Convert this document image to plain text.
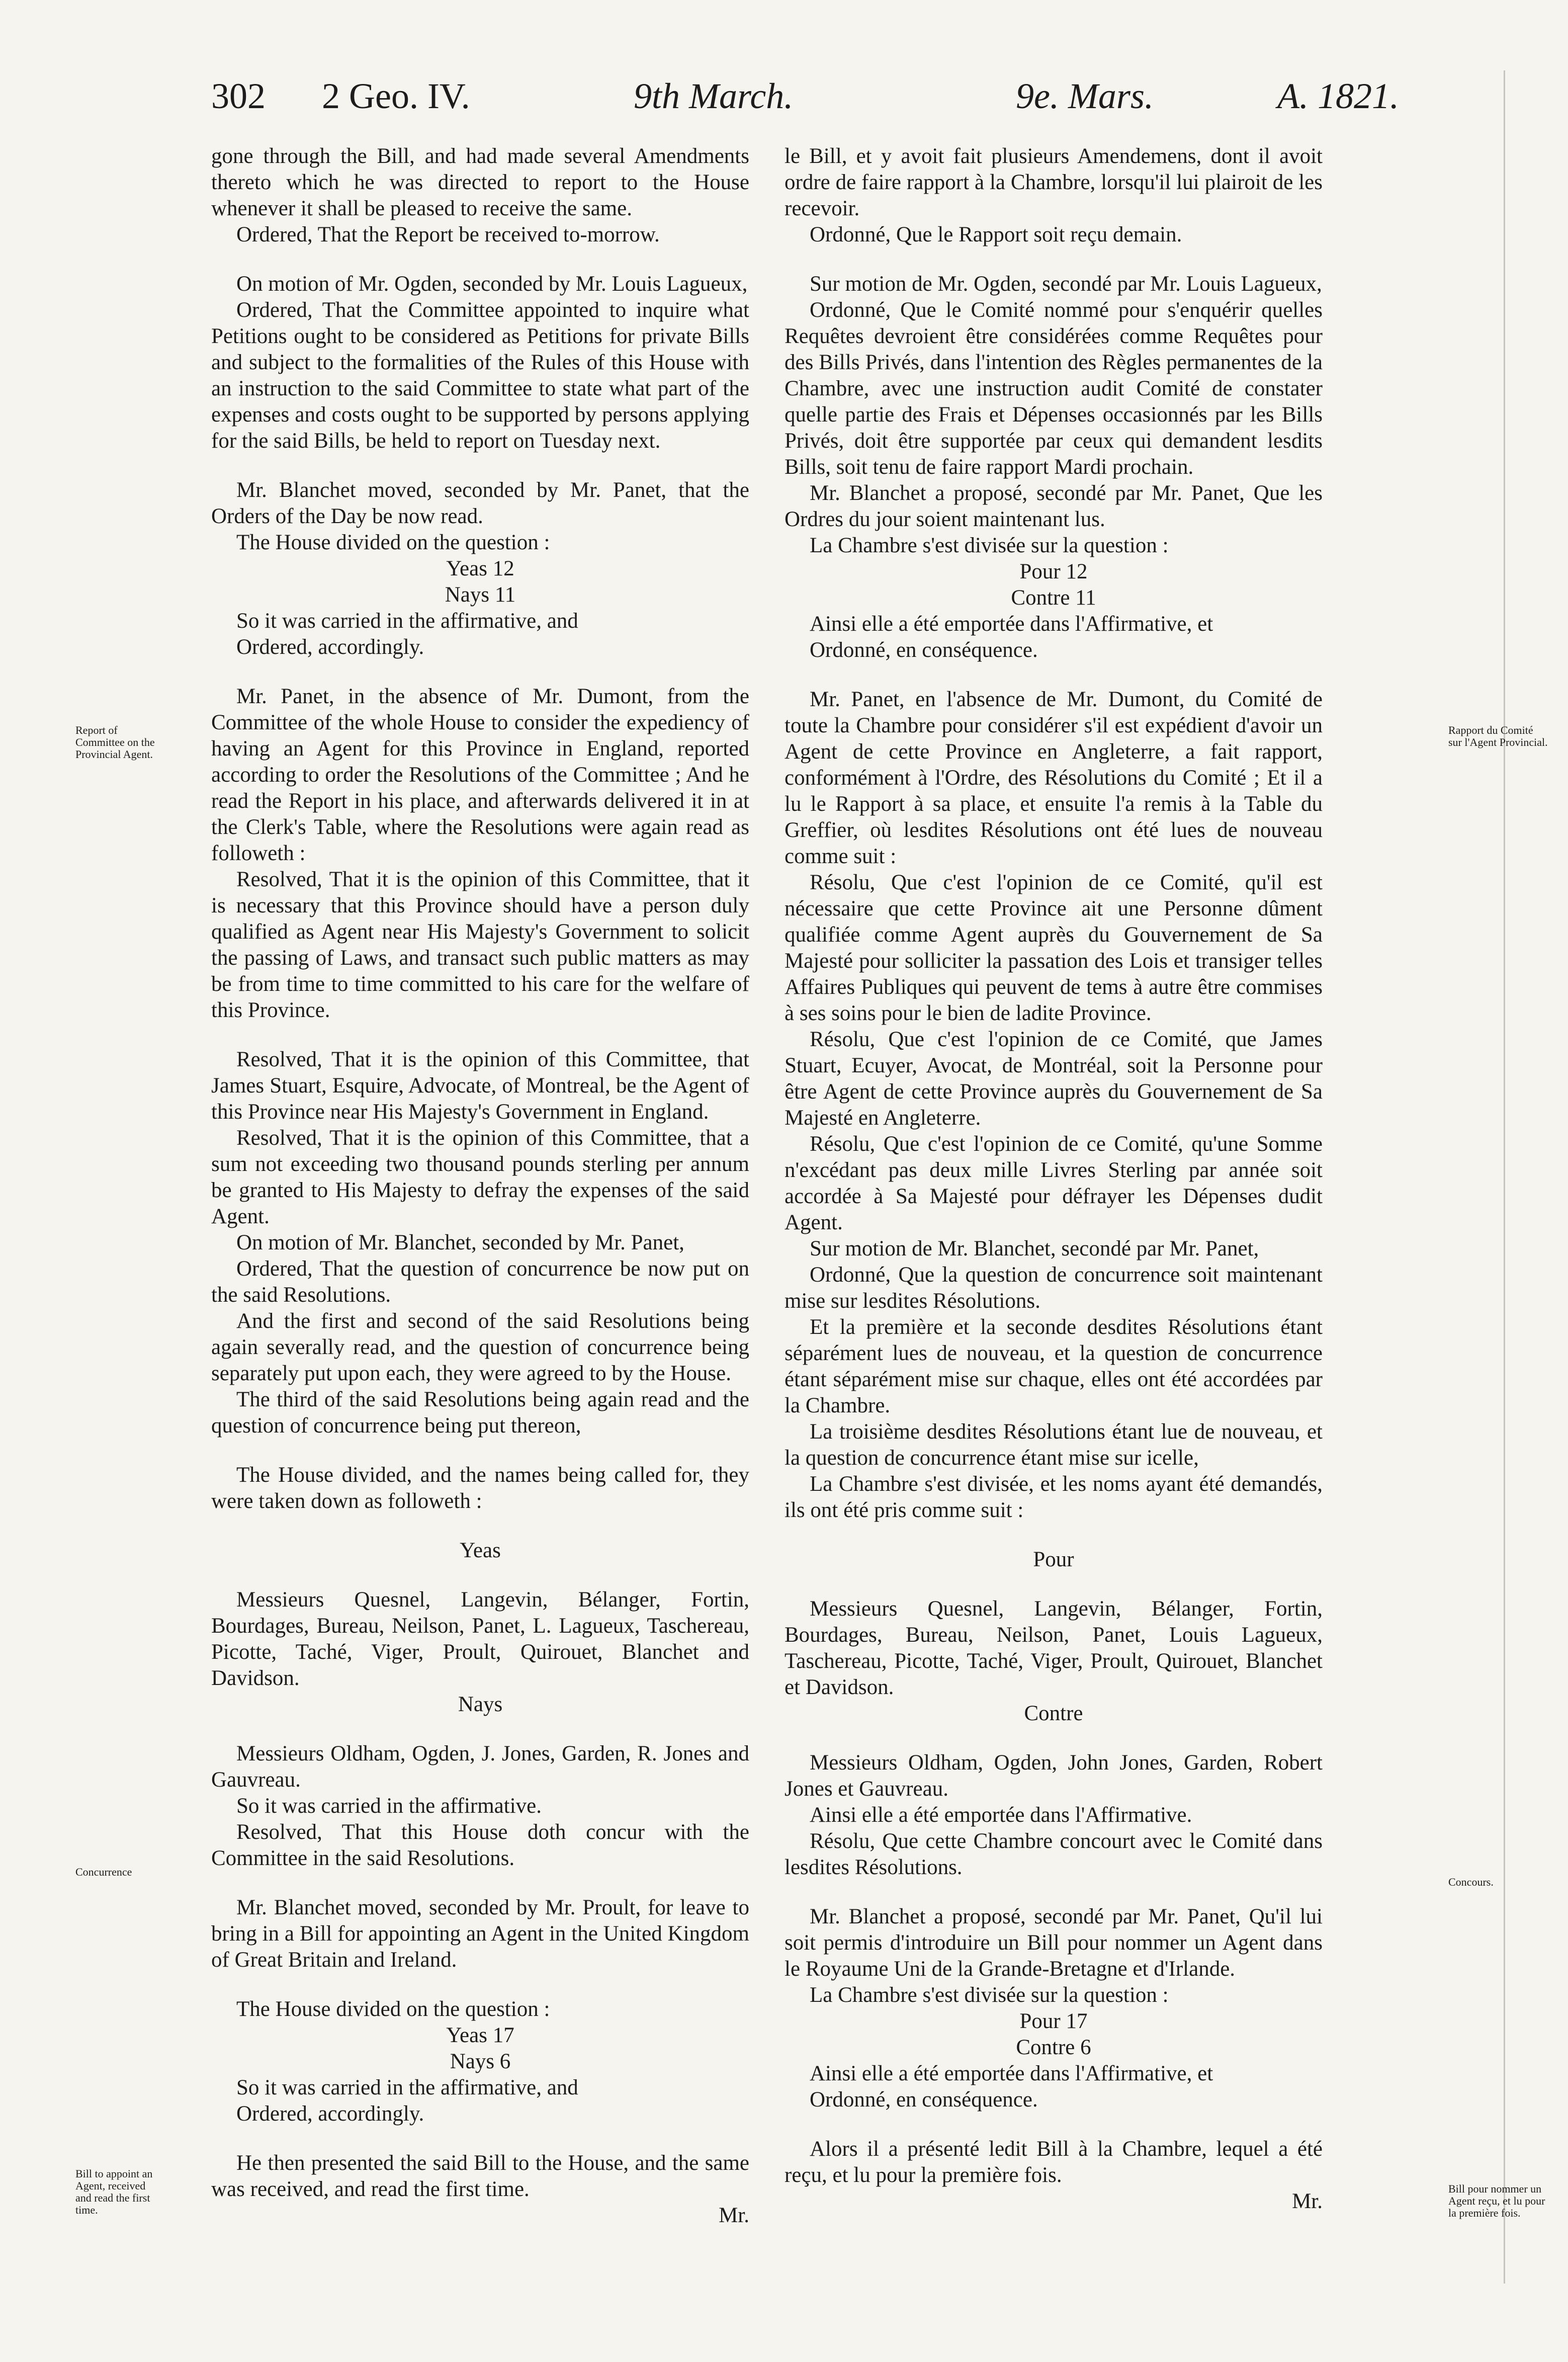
302 2 Geo. IV.	9th March.	9e. Mars.	A. 1821.
Report of Committee on the Provincial Agent.
Rapport du Comité sur l'Agent Provincial.
Concurrence
Concours.
Bill to appoint an Agent, received and read the first time.
Bill pour nommer un Agent reçu, et lu pour la première fois.

gone through the Bill, and had made several Amendments thereto which he was directed to report to the House whenever it shall be pleased to receive the same.

Ordered, That the Report be received to-morrow.

On motion of Mr. Ogden, seconded by Mr. Louis Lagueux,

Ordered, That the Committee appointed to inquire what Petitions ought to be considered as Petitions for private Bills and subject to the formalities of the Rules of this House with an instruction to the said Committee to state what part of the expenses and costs ought to be supported by persons applying for the said Bills, be held to report on Tuesday next.

Mr. Blanchet moved, seconded by Mr. Panet, that the Orders of the Day be now read.

The House divided on the question :

Yeas 12

Nays 11

So it was carried in the affirmative, and

Ordered, accordingly.

Mr. Panet, in the absence of Mr. Dumont, from the Committee of the whole House to consider the expediency of having an Agent for this Province in England, reported according to order the Resolutions of the Committee ; And he read the Report in his place, and afterwards delivered it in at the Clerk's Table, where the Resolutions were again read as followeth :

Resolved, That it is the opinion of this Committee, that it is necessary that this Province should have a person duly qualified as Agent near His Majesty's Government to solicit the passing of Laws, and transact such public matters as may be from time to time committed to his care for the welfare of this Province.

Resolved, That it is the opinion of this Committee, that James Stuart, Esquire, Advocate, of Montreal, be the Agent of this Province near His Majesty's Government in England.

Resolved, That it is the opinion of this Committee, that a sum not exceeding two thousand pounds sterling per annum be granted to His Majesty to defray the expenses of the said Agent.

On motion of Mr. Blanchet, seconded by Mr. Panet,

Ordered, That the question of concurrence be now put on the said Resolutions.

And the first and second of the said Resolutions being again severally read, and the question of concurrence being separately put upon each, they were agreed to by the House.

The third of the said Resolutions being again read and the question of concurrence being put thereon,

The House divided, and the names being called for, they were taken down as followeth :

Yeas

Messieurs Quesnel, Langevin, Bélanger, Fortin, Bourdages, Bureau, Neilson, Panet, L. Lagueux, Taschereau, Picotte, Taché, Viger, Proult, Quirouet, Blanchet and Davidson.

Nays

Messieurs Oldham, Ogden, J. Jones, Garden, R. Jones and Gauvreau.

So it was carried in the affirmative.

Resolved, That this House doth concur with the Committee in the said Resolutions.

Mr. Blanchet moved, seconded by Mr. Proult, for leave to bring in a Bill for appointing an Agent in the United Kingdom of Great Britain and Ireland.

The House divided on the question :

Yeas 17

Nays 6

So it was carried in the affirmative, and

Ordered, accordingly.

He then presented the said Bill to the House, and the same was received, and read the first time.

Mr.

le Bill, et y avoit fait plusieurs Amendemens, dont il avoit ordre de faire rapport à la Chambre, lorsqu'il lui plairoit de les recevoir.

Ordonné, Que le Rapport soit reçu demain.

Sur motion de Mr. Ogden, secondé par Mr. Louis Lagueux,

Ordonné, Que le Comité nommé pour s'enquérir quelles Requêtes devroient être considérées comme Requêtes pour des Bills Privés, dans l'intention des Règles permanentes de la Chambre, avec une instruction audit Comité de constater quelle partie des Frais et Dépenses occasionnés par les Bills Privés, doit être supportée par ceux qui demandent lesdits Bills, soit tenu de faire rapport Mardi prochain.

Mr. Blanchet a proposé, secondé par Mr. Panet, Que les Ordres du jour soient maintenant lus.

La Chambre s'est divisée sur la question :

Pour 12

Contre 11

Ainsi elle a été emportée dans l'Affirmative, et

Ordonné, en conséquence.

Mr. Panet, en l'absence de Mr. Dumont, du Comité de toute la Chambre pour considérer s'il est expédient d'avoir un Agent de cette Province en Angleterre, a fait rapport, conformément à l'Ordre, des Résolutions du Comité ; Et il a lu le Rapport à sa place, et ensuite l'a remis à la Table du Greffier, où lesdites Résolutions ont été lues de nouveau comme suit :

Résolu, Que c'est l'opinion de ce Comité, qu'il est nécessaire que cette Province ait une Personne dûment qualifiée comme Agent auprès du Gouvernement de Sa Majesté pour solliciter la passation des Lois et transiger telles Affaires Publiques qui peuvent de tems à autre être commises à ses soins pour le bien de ladite Province.

Résolu, Que c'est l'opinion de ce Comité, que James Stuart, Ecuyer, Avocat, de Montréal, soit la Personne pour être Agent de cette Province auprès du Gouvernement de Sa Majesté en Angleterre.

Résolu, Que c'est l'opinion de ce Comité, qu'une Somme n'excédant pas deux mille Livres Sterling par année soit accordée à Sa Majesté pour défrayer les Dépenses dudit Agent.

Sur motion de Mr. Blanchet, secondé par Mr. Panet,

Ordonné, Que la question de concurrence soit maintenant mise sur lesdites Résolutions.

Et la première et la seconde desdites Résolutions étant séparément lues de nouveau, et la question de concurrence étant séparément mise sur chaque, elles ont été accordées par la Chambre.

La troisième desdites Résolutions étant lue de nouveau, et la question de concurrence étant mise sur icelle,

La Chambre s'est divisée, et les noms ayant été demandés, ils ont été pris comme suit :

Pour

Messieurs Quesnel, Langevin, Bélanger, Fortin, Bourdages, Bureau, Neilson, Panet, Louis Lagueux, Taschereau, Picotte, Taché, Viger, Proult, Quirouet, Blanchet et Davidson.

Contre

Messieurs Oldham, Ogden, John Jones, Garden, Robert Jones et Gauvreau.

Ainsi elle a été emportée dans l'Affirmative.

Résolu, Que cette Chambre concourt avec le Comité dans lesdites Résolutions.

Mr. Blanchet a proposé, secondé par Mr. Panet, Qu'il lui soit permis d'introduire un Bill pour nommer un Agent dans le Royaume Uni de la Grande-Bretagne et d'Irlande.

La Chambre s'est divisée sur la question :

Pour 17

Contre 6

Ainsi elle a été emportée dans l'Affirmative, et

Ordonné, en conséquence.

Alors il a présenté ledit Bill à la Chambre, lequel a été reçu, et lu pour la première fois.

Mr.
